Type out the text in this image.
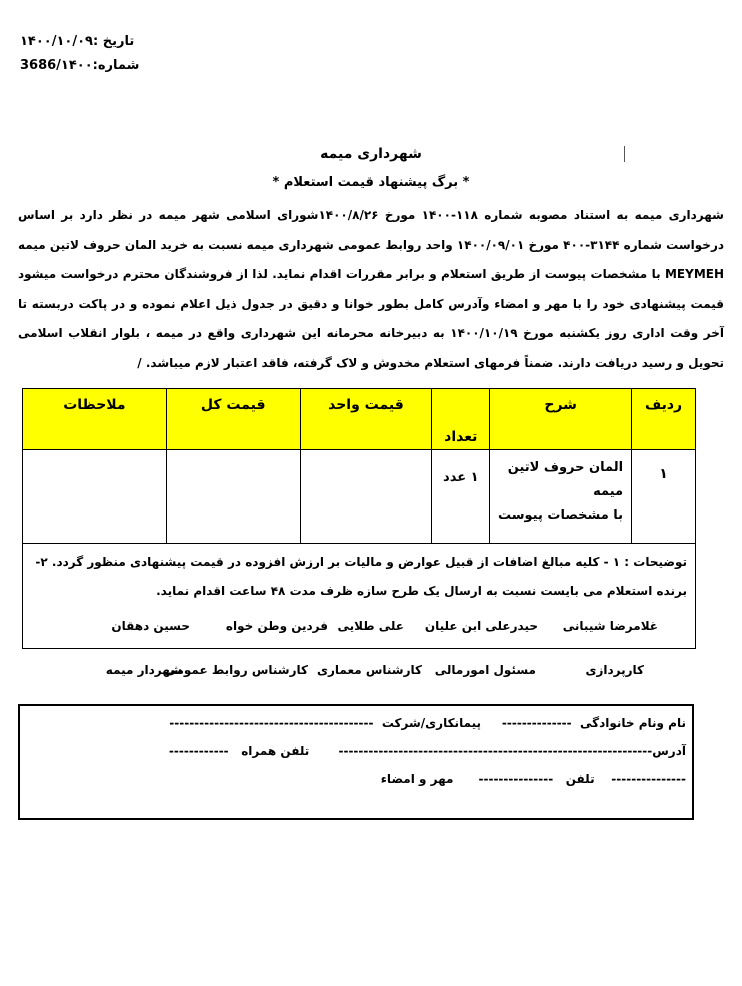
تاریخ :۱۴۰۰/۱۰/۰۹
شماره:3686/۱۴۰۰
شهرداری میمه
* برگ پیشنهاد قیمت استعلام *
شهرداری میمه به استناد مصوبه شماره ۱۱۸-۱۴۰۰ مورخ ۱۴۰۰/۸/۲۶شورای اسلامی شهر میمه در نظر دارد بر اساس درخواست شماره ۳۱۴۴-۴۰۰ مورخ ۱۴۰۰/۰۹/۰۱ واحد روابط عمومی شهرداری میمه نسبت به خرید المان حروف لاتین میمه MEYMEH با مشخصات پیوست از طریق استعلام و برابر مقررات اقدام نماید. لذا از فروشندگان محترم درخواست میشود قیمت پیشنهادی خود را با مهر و امضاء وآدرس کامل بطور خوانا و دقیق در جدول ذیل اعلام نموده و در پاکت دربسته تا آخر وقت اداری روز یکشنبه مورخ ۱۴۰۰/۱۰/۱۹ به دبیرخانه محرمانه این شهرداری واقع در میمه ، بلوار انقلاب اسلامی تحویل و رسید دریافت دارند. ضمناً فرمهای استعلام مخدوش و لاک گرفته، فاقد اعتبار لازم میباشد. /
ردیف	شرح	تعداد	قیمت واحد	قیمت کل	ملاحظات
۱	المان حروف لاتین میمه
با مشخصات پیوست	۱ عدد			
توضیحات : ۱ - کلیه مبالغ اضافات از قبیل عوارض و مالیات بر ارزش افزوده در قیمت پیشنهادی منظور گردد. ۲- برنده استعلام می بایست نسبت به ارسال یک طرح سازه ظرف مدت ۴۸ ساعت اقدام نماید.					
غلامرضا شیبانی
حیدرعلی ابن علیان
علی طلایی
فردین وطن خواه
حسین دهقان
کارپردازی
مسئول امورمالی
کارشناس معماری
کارشناس روابط عمومی
شهردار میمه
نام ونام خانوادگی  --------------     پیمانکاری/شرکت  -----------------------------------------
آدرس---------------------------------------------------------------       تلفن همراه   ------------
---------------    تلفن   ---------------      مهر و امضاء
